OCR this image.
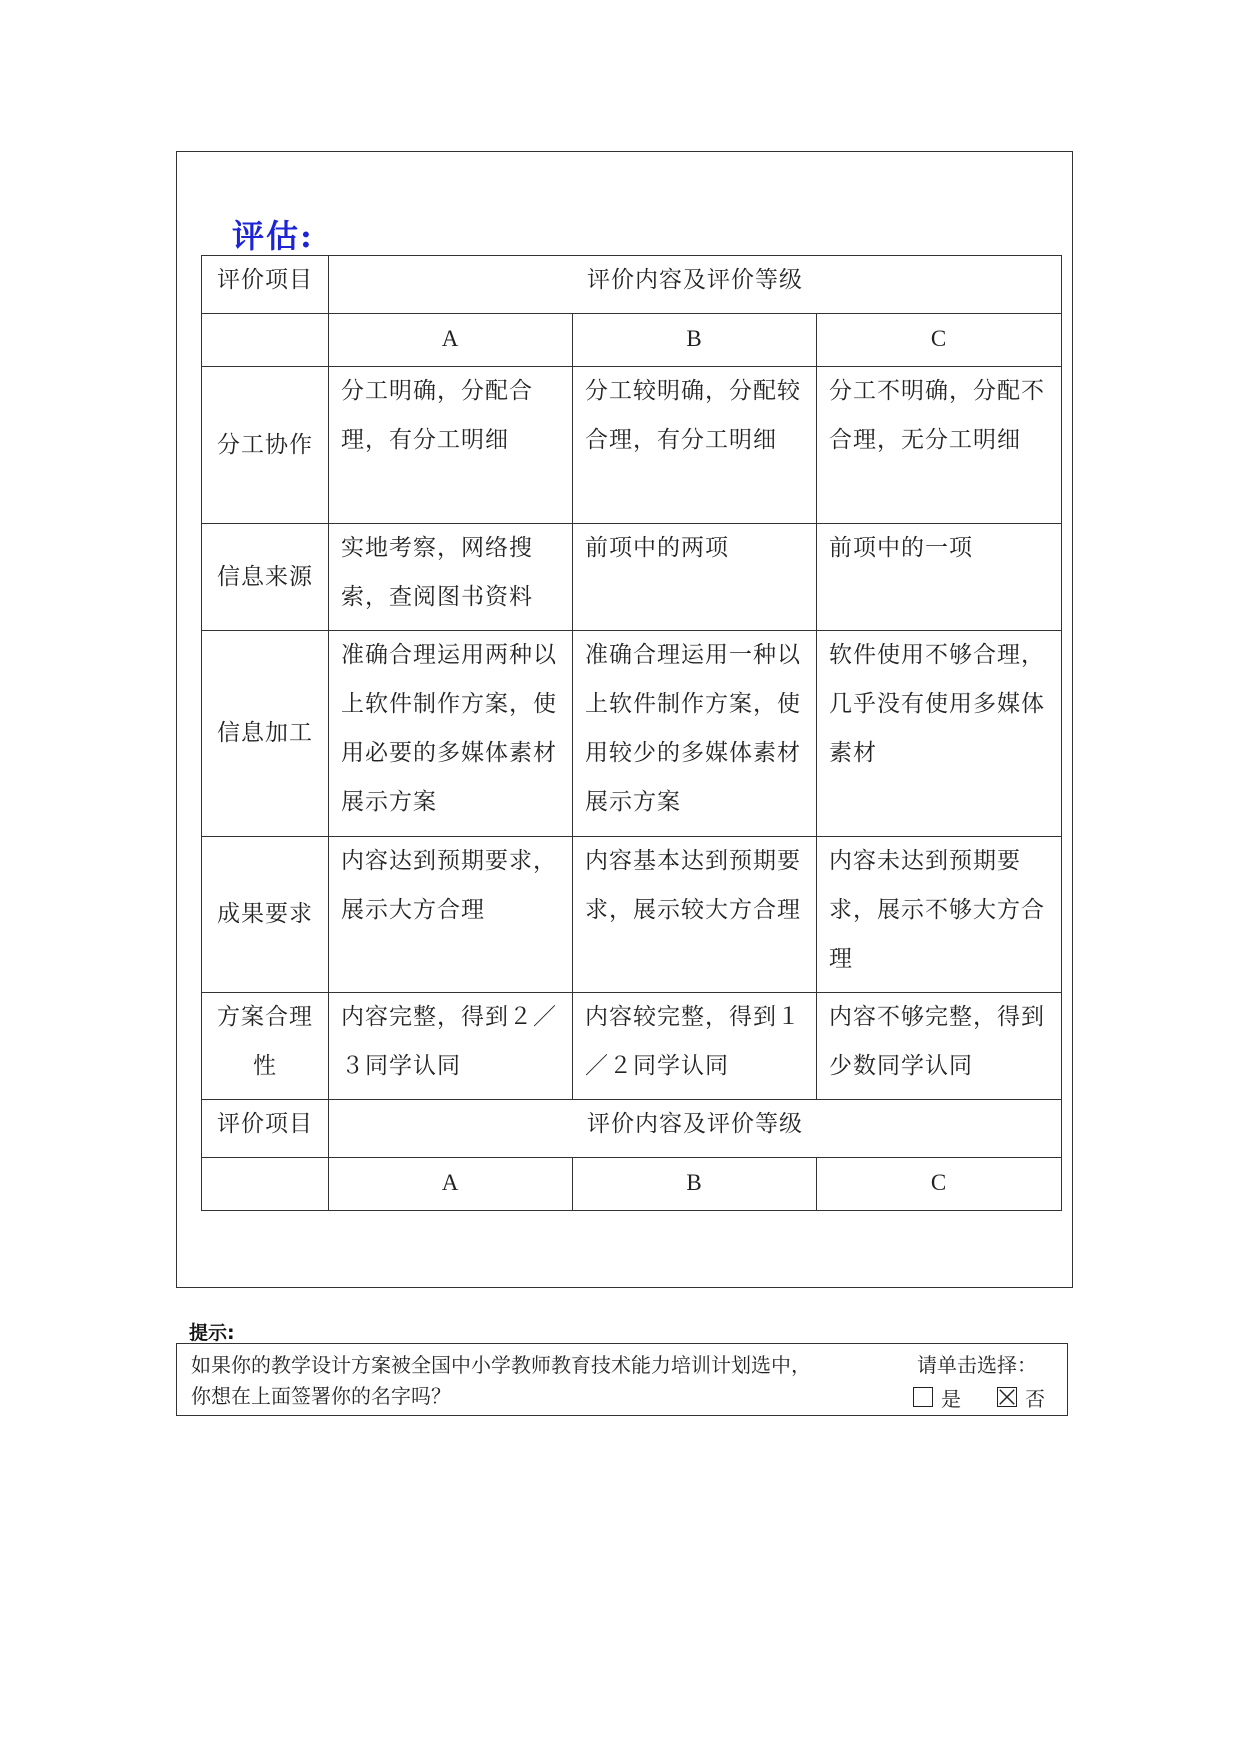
评估:
评价项目	评价内容及评价等级		
	A	B	C
分工协作	分工明确，分配合理，有分工明细	分工较明确，分配较合理，有分工明细	分工不明确，分配不合理，无分工明细
信息来源	实地考察，网络搜索，查阅图书资料	前项中的两项	前项中的一项
信息加工	准确合理运用两种以上软件制作方案，使用必要的多媒体素材展示方案	准确合理运用一种以上软件制作方案，使用较少的多媒体素材展示方案	软件使用不够合理，几乎没有使用多媒体素材
成果要求	内容达到预期要求，展示大方合理	内容基本达到预期要求，展示较大方合理	内容未达到预期要求，展示不够大方合理
方案合理性	内容完整，得到２／３同学认同	内容较完整，得到１／２同学认同	内容不够完整，得到少数同学认同
评价项目	评价内容及评价等级		
	A	B	C
提示:
如果你的教学设计方案被全国中小学教师教育技术能力培训计划选中，
你想在上面签署你的名字吗？
请单击选择：
是	否
